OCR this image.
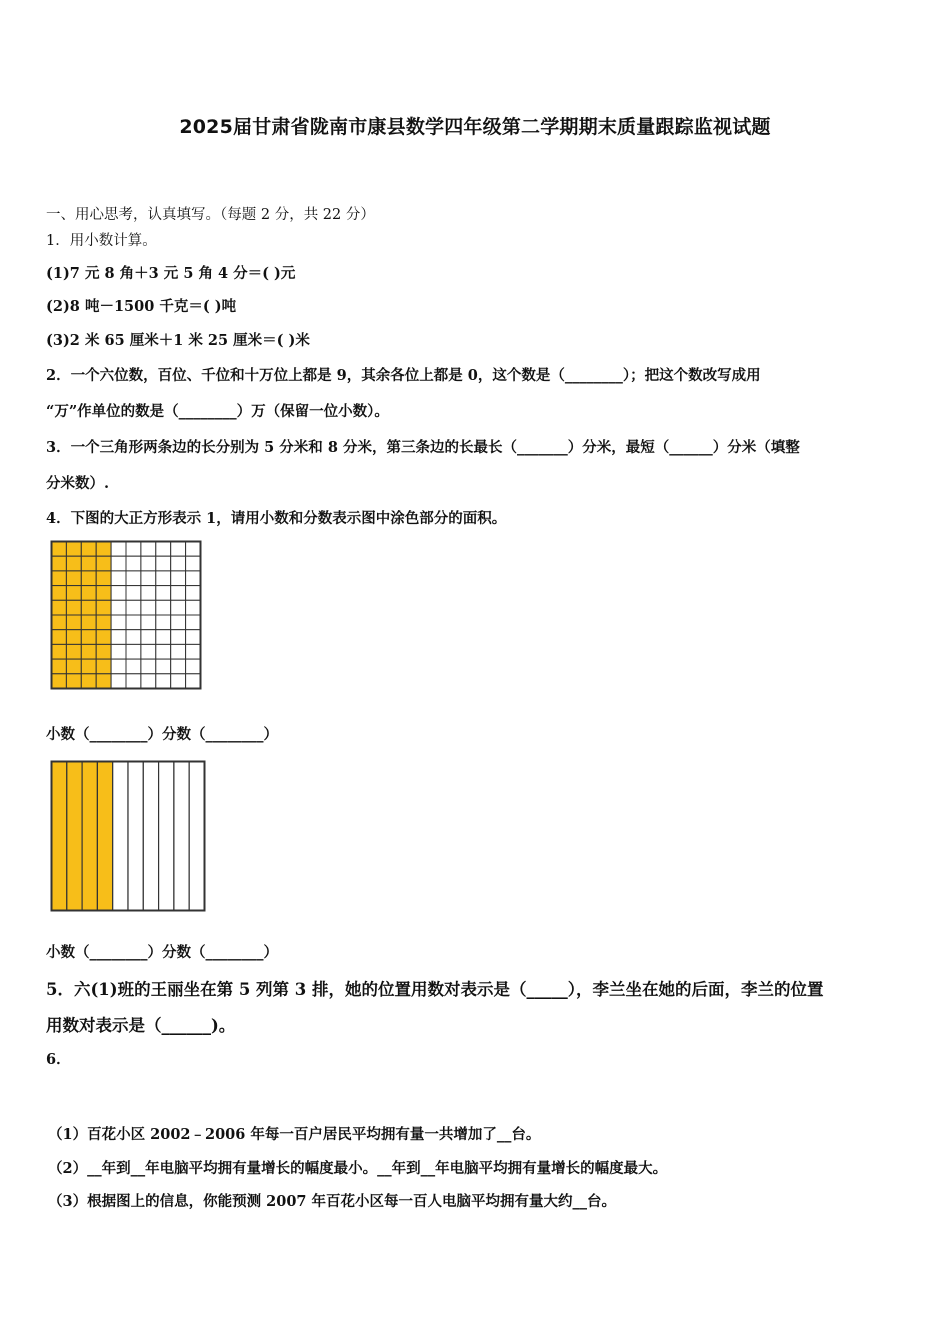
2025届甘肃省陇南市康县数学四年级第二学期期末质量跟踪监视试题
一、用心思考，认真填写。（每题 2 分，共 22 分）
1．用小数计算。
(1)7 元 8 角＋3 元 5 角 4 分＝( )元
(2)8 吨－1500 千克＝( )吨
(3)2 米 65 厘米＋1 米 25 厘米＝( )米
2．一个六位数，百位、千位和十万位上都是 9，其余各位上都是 0，这个数是（________）；把这个数改写成用
“万”作单位的数是（________）万（保留一位小数）。
3．一个三角形两条边的长分别为 5 分米和 8 分米，第三条边的长最长（_______）分米，最短（______）分米（填整
分米数）.
4．下图的大正方形表示 1，请用小数和分数表示图中涂色部分的面积。
小数（________）分数（________）
小数（________）分数（________）
5．六(1)班的王丽坐在第 5 列第 3 排，她的位置用数对表示是（_____），李兰坐在她的后面，李兰的位置
用数对表示是（______)。
6．
（1）百花小区 2002﹣2006 年每一百户居民平均拥有量一共增加了__台。
（2）__年到__年电脑平均拥有量增长的幅度最小。__年到__年电脑平均拥有量增长的幅度最大。
（3）根据图上的信息，你能预测 2007 年百花小区每一百人电脑平均拥有量大约__台。
